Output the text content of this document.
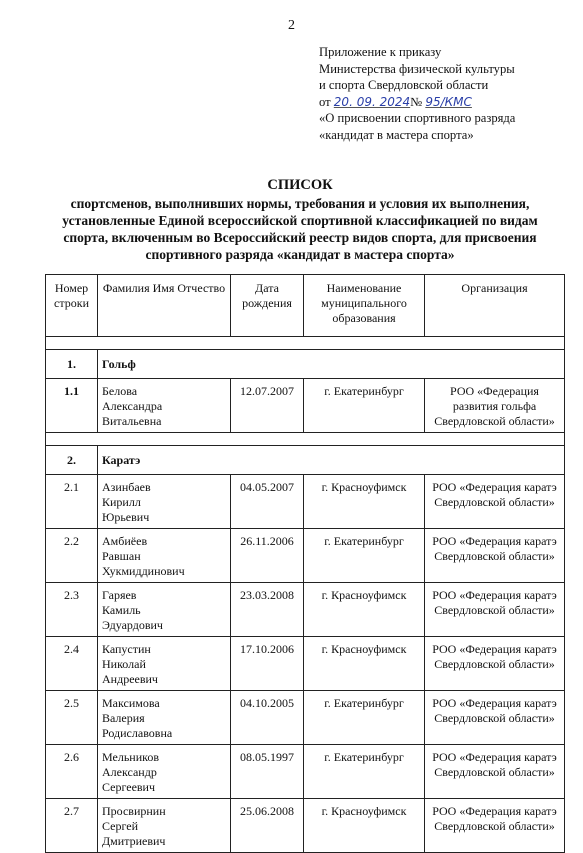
2
Приложение к приказу
Министерства физической культуры
и спорта Свердловской области
от 20. 09. 2024№ 95/КМС
«О присвоении спортивного разряда
«кандидат в мастера спорта»
СПИСОК
спортсменов, выполнивших нормы, требования и условия их выполнения,
установленные Единой всероссийской спортивной классификацией по видам
спорта, включенным во Всероссийский реестр видов спорта, для присвоения
спортивного разряда «кандидат в мастера спорта»
Номер строки	Фамилия Имя Отчество	Дата рождения	Наименование муниципального образования	Организация

1.	Гольф			
1.1	Белова
Александра
Витальевна	12.07.2007	г. Екатеринбург	РОО «Федерация развития гольфа Свердловской области»

2.	Каратэ			
2.1	Азинбаев
Кирилл
Юрьевич	04.05.2007	г. Красноуфимск	РОО «Федерация каратэ Свердловской области»
2.2	Амбиёев
Равшан
Хукмиддинович	26.11.2006	г. Екатеринбург	РОО «Федерация каратэ Свердловской области»
2.3	Гаряев
Камиль
Эдуардович	23.03.2008	г. Красноуфимск	РОО «Федерация каратэ Свердловской области»
2.4	Капустин
Николай
Андреевич	17.10.2006	г. Красноуфимск	РОО «Федерация каратэ Свердловской области»
2.5	Максимова
Валерия
Родиславовна	04.10.2005	г. Екатеринбург	РОО «Федерация каратэ Свердловской области»
2.6	Мельников
Александр
Сергеевич	08.05.1997	г. Екатеринбург	РОО «Федерация каратэ Свердловской области»
2.7	Просвирнин
Сергей
Дмитриевич	25.06.2008	г. Красноуфимск	РОО «Федерация каратэ Свердловской области»
